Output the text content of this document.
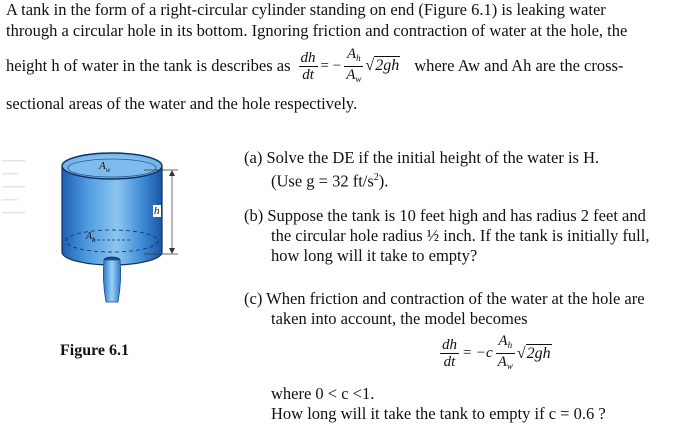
A tank in the form of a right-circular cylinder standing on end (Figure 6.1) is leaking water
through a circular hole in its bottom. Ignoring friction and contraction of water at the hole, the
height h of water in the tank is describes as $\frac{dh}{dt}$ = − $\frac{A_h}{A_w} √2gh$ where Aw and Ah are the cross-
sectional areas of the water and the hole respectively.
▁▁▁
▁▁
▁▁▁
▁▁
▁▁▁
$A_w$
$A_h$
h
Figure 6.1
(a) Solve the DE if the initial height of the water is H.
(Use g = 32 $ft/s^2$).
(b) Suppose the tank is 10 feet high and has radius 2 feet and
the circular hole radius ½ inch. If the tank is initially full,
how long will it take to empty?
(c) When friction and contraction of the water at the hole are
taken into account, the model becomes
$\frac{dh}{dt} = -c \frac{A_h}{A_w} √2gh$
where 0 < c <1.
How long will it take the tank to empty if c = 0.6 ?
